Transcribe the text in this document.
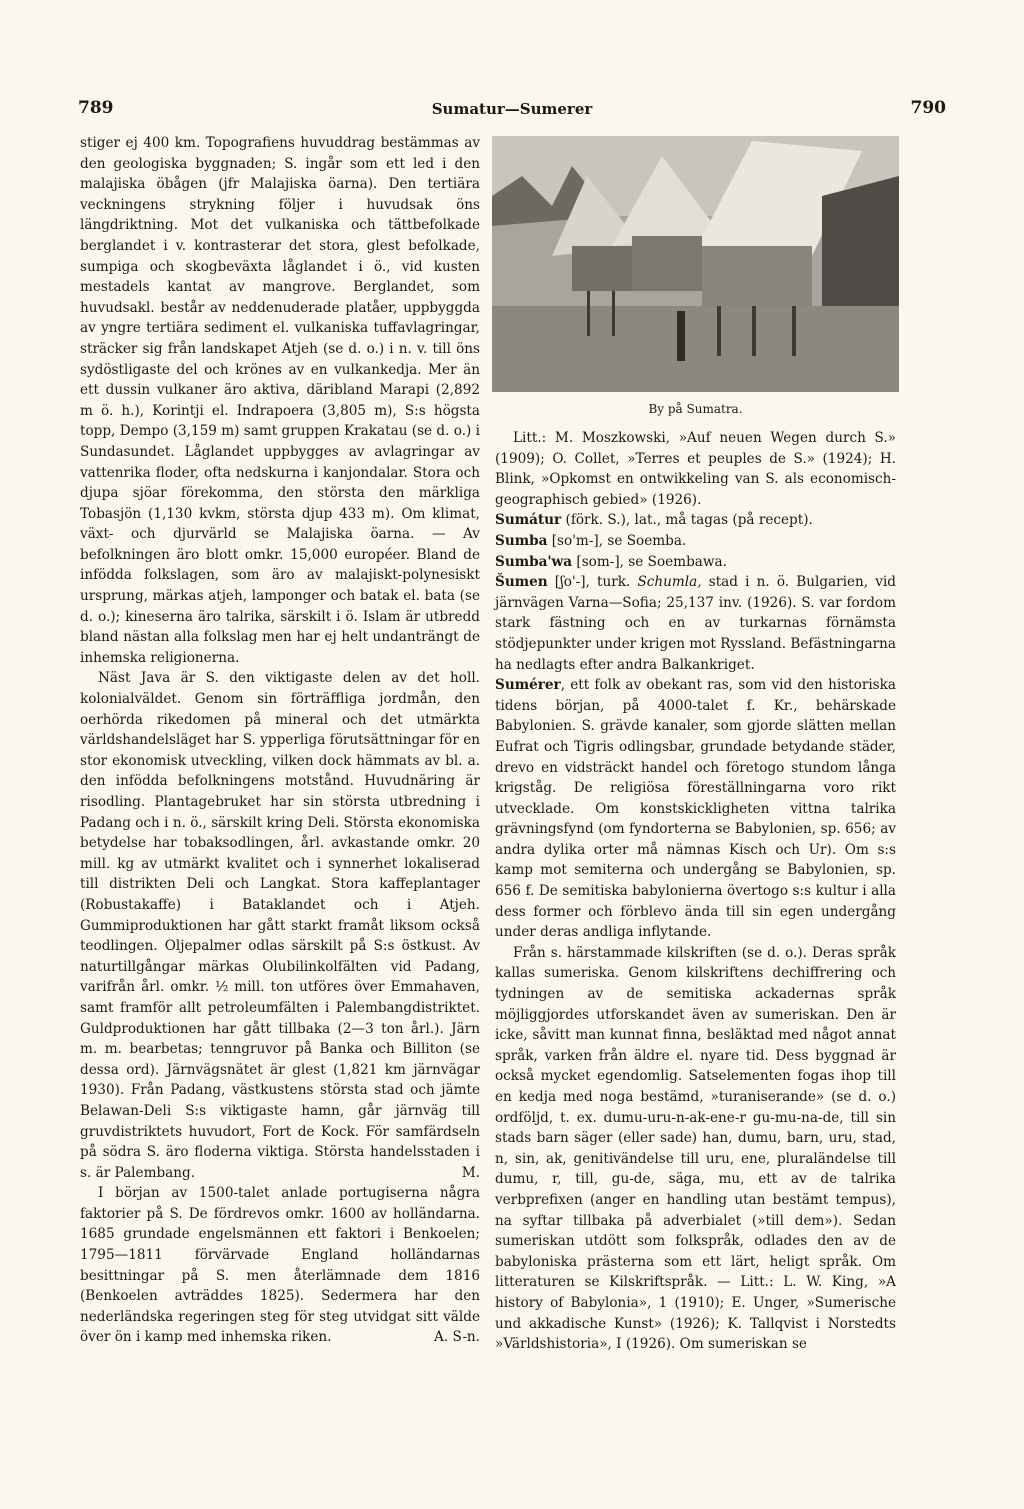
789	Sumatur—Sumerer	790

stiger ej 400 km. Topografiens huvuddrag bestämmas av den geologiska byggnaden; S. ingår som ett led i den malajiska öbågen (jfr Malajiska öarna). Den tertiära veckningens strykning följer i huvudsak öns längdriktning. Mot det vulkaniska och tättbefolkade berglandet i v. kontrasterar det stora, glest befolkade, sumpiga och skogbeväxta låglandet i ö., vid kusten mestadels kantat av mangrove. Berglandet, som huvudsakl. består av neddenuderade platåer, uppbyggda av yngre tertiära sediment el. vulkaniska tuffavlagringar, sträcker sig från landskapet Atjeh (se d. o.) i n. v. till öns sydöstligaste del och krönes av en vulkankedja. Mer än ett dussin vulkaner äro aktiva, däribland Marapi (2,892 m ö. h.), Korintji el. Indrapoera (3,805 m), S:s högsta topp, Dempo (3,159 m) samt gruppen Krakatau (se d. o.) i Sundasundet. Låglandet uppbygges av avlagringar av vattenrika floder, ofta nedskurna i kanjondalar. Stora och djupa sjöar förekomma, den största den märkliga Tobasjön (1,130 kvkm, största djup 433 m). Om klimat, växt- och djurvärld se Malajiska öarna. — Av befolkningen äro blott omkr. 15,000 européer. Bland de infödda folkslagen, som äro av malajiskt-polynesiskt ursprung, märkas atjeh, lamponger och batak el. bata (se d. o.); kineserna äro talrika, särskilt i ö. Islam är utbredd bland nästan alla folkslag men har ej helt undanträngt de inhemska religionerna.

Näst Java är S. den viktigaste delen av det holl. kolonialväldet. Genom sin förträffliga jordmån, den oerhörda rikedomen på mineral och det utmärkta världshandelsläget har S. ypperliga förutsättningar för en stor ekonomisk utveckling, vilken dock hämmats av bl. a. den infödda befolkningens motstånd. Huvudnäring är risodling. Plantagebruket har sin största utbredning i Padang och i n. ö., särskilt kring Deli. Största ekonomiska betydelse har tobaksodlingen, årl. avkastande omkr. 20 mill. kg av utmärkt kvalitet och i synnerhet lokaliserad till distrikten Deli och Langkat. Stora kaffeplantager (Robustakaffe) i Bataklandet och i Atjeh. Gummiproduktionen har gått starkt framåt liksom också teodlingen. Oljepalmer odlas särskilt på S:s östkust. Av naturtillgångar märkas Olubilinkolfälten vid Padang, varifrån årl. omkr. ½ mill. ton utföres över Emmahaven, samt framför allt petroleumfälten i Palembangdistriktet. Guldproduktionen har gått tillbaka (2—3 ton årl.). Järn m. m. bearbetas; tenngruvor på Banka och Billiton (se dessa ord). Järnvägsnätet är glest (1,821 km järnvägar 1930). Från Padang, västkustens största stad och jämte Belawan-Deli S:s viktigaste hamn, går järnväg till gruvdistriktets huvudort, Fort de Kock. För samfärdseln på södra S. äro floderna viktiga. Största handelsstaden i s. är Palembang.	M.

I början av 1500-talet anlade portugiserna några faktorier på S. De fördrevos omkr. 1600 av holländarna. 1685 grundade engelsmännen ett faktori i Benkoelen; 1795—1811 förvärvade England holländarnas besittningar på S. men återlämnade dem 1816 (Benkoelen avträddes 1825). Sedermera har den nederländska regeringen steg för steg utvidgat sitt välde över ön i kamp med inhemska riken.	A. S-n.

By på Sumatra.

Litt.: M. Moszkowski, »Auf neuen Wegen durch S.» (1909); O. Collet, »Terres et peuples de S.» (1924); H. Blink, »Opkomst en ontwikkeling van S. als economisch-geographisch gebied» (1926).

Sumátur (förk. S.), lat., må tagas (på recept).

Sumba [so'm-], se Soemba.

Sumba'wa [som-], se Soembawa.

Šumen [ʃo'-], turk. Schumla, stad i n. ö. Bulgarien, vid järnvägen Varna—Sofia; 25,137 inv. (1926). S. var fordom stark fästning och en av turkarnas förnämsta stödjepunkter under krigen mot Ryssland. Befästningarna ha nedlagts efter andra Balkankriget.

Sumérer, ett folk av obekant ras, som vid den historiska tidens början, på 4000-talet f. Kr., behärskade Babylonien. S. grävde kanaler, som gjorde slätten mellan Eufrat och Tigris odlingsbar, grundade betydande städer, drevo en vidsträckt handel och företogo stundom långa krigståg. De religiösa föreställningarna voro rikt utvecklade. Om konstskickligheten vittna talrika grävningsfynd (om fyndorterna se Babylonien, sp. 656; av andra dylika orter må nämnas Kisch och Ur). Om s:s kamp mot semiterna och undergång se Babylonien, sp. 656 f. De semitiska babylonierna övertogo s:s kultur i alla dess former och förblevo ända till sin egen undergång under deras andliga inflytande.

Från s. härstammade kilskriften (se d. o.). Deras språk kallas sumeriska. Genom kilskriftens dechiffrering och tydningen av de semitiska ackadernas språk möjliggjordes utforskandet även av sumeriskan. Den är icke, såvitt man kunnat finna, besläktad med något annat språk, varken från äldre el. nyare tid. Dess byggnad är också mycket egendomlig. Satselementen fogas ihop till en kedja med noga bestämd, »turaniserande» (se d. o.) ordföljd, t. ex. dumu-uru-n-ak-ene-r gu-mu-na-de, till sin stads barn säger (eller sade) han, dumu, barn, uru, stad, n, sin, ak, genitivändelse till uru, ene, pluraländelse till dumu, r, till, gu-de, säga, mu, ett av de talrika verbprefixen (anger en handling utan bestämt tempus), na syftar tillbaka på adverbialet (»till dem»). Sedan sumeriskan utdött som folkspråk, odlades den av de babyloniska prästerna som ett lärt, heligt språk. Om litteraturen se Kilskriftspråk. — Litt.: L. W. King, »A history of Babylonia», 1 (1910); E. Unger, »Sumerische und akkadische Kunst» (1926); K. Tallqvist i Norstedts »Världshistoria», I (1926). Om sumeriskan se
